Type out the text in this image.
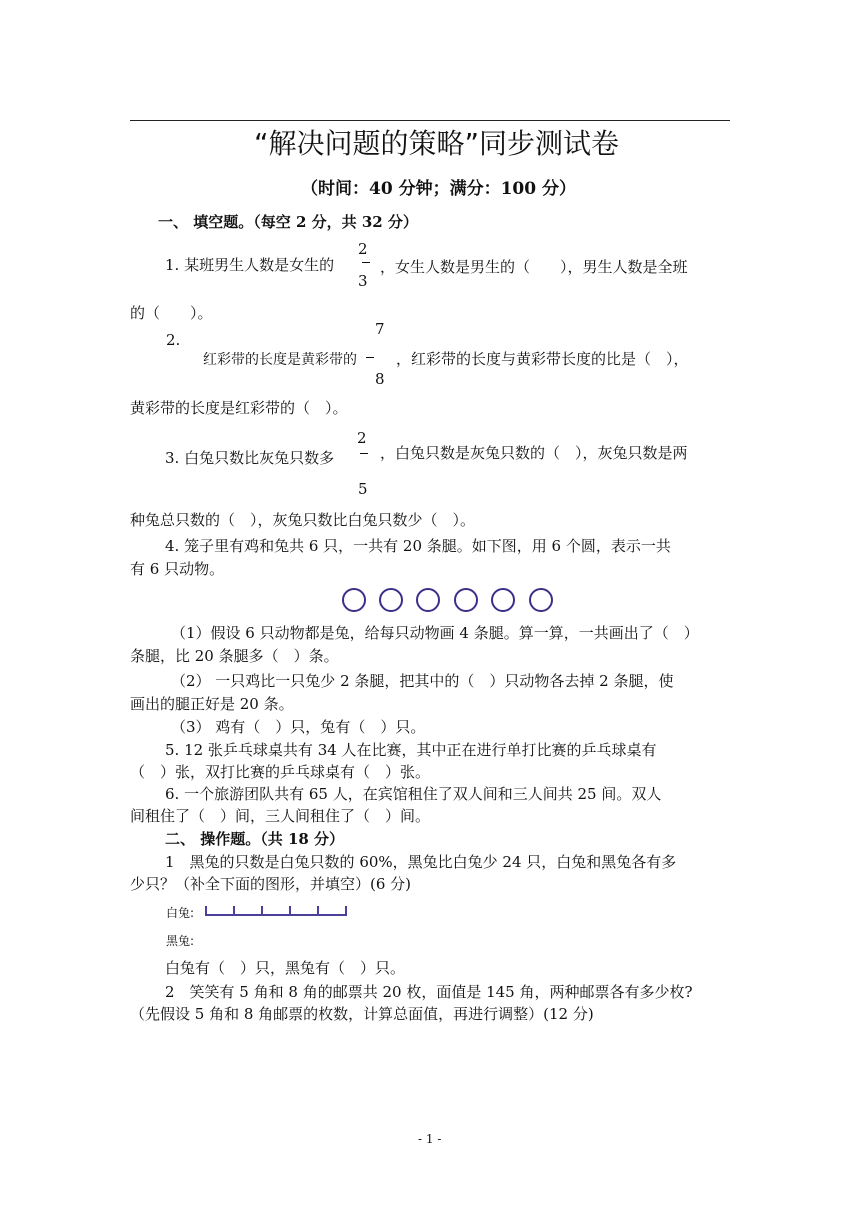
“解决问题的策略”同步测试卷
（时间：40 分钟；满分：100 分）
一、 填空题。（每空 2 分，共 32 分）
1. 某班男生人数是女生的
2
3
，女生人数是男生的（　　），男生人数是全班
的（　　）。
2.
7
8
红彩带的长度是黄彩带的	，红彩带的长度与黄彩带长度的比是（　），
黄彩带的长度是红彩带的（　）。
3. 白兔只数比灰兔只数多
2
5
，白兔只数是灰兔只数的（　），灰兔只数是两
种兔总只数的（　），灰兔只数比白兔只数少（　）。
4. 笼子里有鸡和兔共 6 只，一共有 20 条腿。如下图，用 6 个圆，表示一共
有 6 只动物。
（1）假设 6 只动物都是兔，给每只动物画 4 条腿。算一算，一共画出了（　）
条腿，比 20 条腿多（　）条。
（2） 一只鸡比一只兔少 2 条腿，把其中的（　）只动物各去掉 2 条腿，使
画出的腿正好是 20 条。
（3） 鸡有（　）只，兔有（　）只。
5. 12 张乒乓球桌共有 34 人在比赛，其中正在进行单打比赛的乒乓球桌有
（　）张，双打比赛的乒乓球桌有（　）张。
6. 一个旅游团队共有 65 人，在宾馆租住了双人间和三人间共 25 间。双人
间租住了（　）间，三人间租住了（　）间。
二、 操作题。（共 18 分）
1　黑兔的只数是白兔只数的 60%，黑兔比白兔少 24 只，白兔和黑兔各有多
少只？（补全下面的图形，并填空）(6 分)
白兔:
黑兔:
白兔有（　）只，黑兔有（　）只。
2　笑笑有 5 角和 8 角的邮票共 20 枚，面值是 145 角，两种邮票各有多少枚?
（先假设 5 角和 8 角邮票的枚数，计算总面值，再进行调整）(12 分)
- 1 -
